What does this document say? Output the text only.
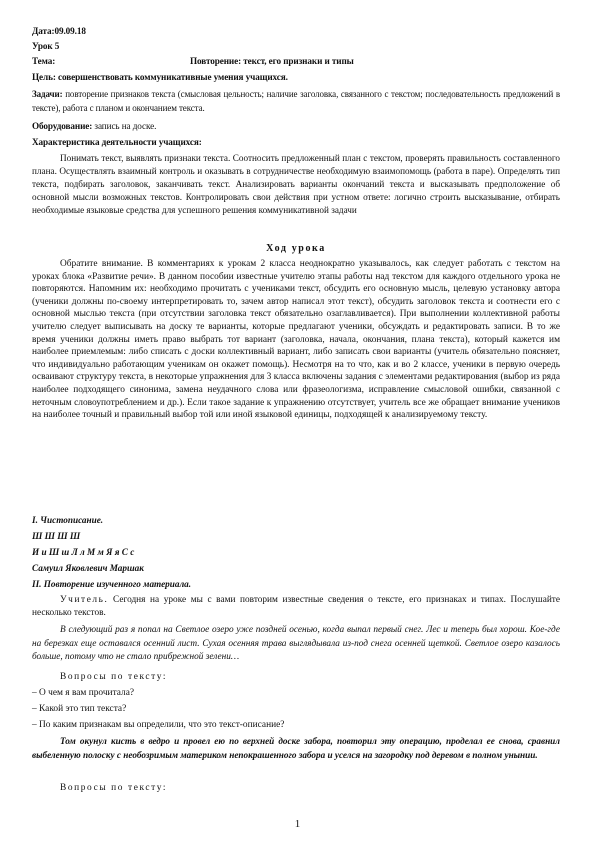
Дата:09.09.18
Урок 5
Тема:	Повторение: текст, его признаки и типы
Цель: совершенствовать коммуникативные умения учащихся.
Задачи: повторение признаков текста (смысловая цельность; наличие заголовка, связанного с текстом; последовательность предложений в тексте), работа с планом и окончанием текста.
Оборудование: запись на доске.
Характеристика деятельности учащихся:
Понимать текст, выявлять признаки текста. Соотносить предложенный план с текстом, проверять правильность составленного плана. Осуществлять взаимный контроль и оказывать в сотрудничестве необходимую взаимопомощь (работа в паре). Определять тип текста, подбирать заголовок, заканчивать текст. Анализировать варианты окончаний текста и высказывать предположение об основной мысли возможных текстов. Контролировать свои действия при устном ответе: логично строить высказывание, отбирать необходимые языковые средства для успешного решения коммуникативной задачи
Ход урока
Обратите внимание. В комментариях к урокам 2 класса неоднократно указывалось, как следует работать с текстом на уроках блока «Развитие речи». В данном пособии известные учителю этапы работы над текстом для каждого отдельного урока не повторяются. Напомним их: необходимо прочитать с учениками текст, обсудить его основную мысль, целевую установку автора (ученики должны по-своему интерпретировать то, зачем автор написал этот текст), обсудить заголовок текста и соотнести его с основной мыслью текста (при отсутствии заголовка текст обязательно озаглавливается). При выполнении коллективной работы учителю следует выписывать на доску те варианты, которые предлагают ученики, обсуждать и редактировать записи. В то же время ученики должны иметь право выбрать тот вариант (заголовка, начала, окончания, плана текста), который кажется им наиболее приемлемым: либо списать с доски коллективный вариант, либо записать свои варианты (учитель обязательно поясняет, что индивидуально работающим ученикам он окажет помощь). Несмотря на то что, как и во 2 классе, ученики в первую очередь осваивают структуру текста, в некоторые упражнения для 3 класса включены задания с элементами редактирования (выбор из ряда наиболее подходящего синонима, замена неудачного слова или фразеологизма, исправление смысловой ошибки, связанной с неточным словоупотреблением и др.). Если такое задание к упражнению отсутствует, учитель все же обращает внимание учеников на наиболее точный и правильный выбор той или иной языковой единицы, подходящей к анализируемому тексту.
I. Чистописание.
Ш Ш Ш Ш
И и Ш ш Л л М м Я я С с
Самуил Яковлевич Маршак
II. Повторение изученного материала.
Учитель. Сегодня на уроке мы с вами повторим известные сведения о тексте, его признаках и типах. Послушайте несколько текстов.
В следующий раз я попал на Светлое озеро уже поздней осенью, когда выпал первый снег. Лес и теперь был хорош. Кое-где на березках еще оставался осенний лист. Сухая осенняя трава выглядывала из-под снега осенней щеткой. Светлое озеро казалось больше, потому что не стало прибрежной зелени…
Вопросы по тексту:
– О чем я вам прочитала?
– Какой это тип текста?
– По каким признакам вы определили, что это текст-описание?
Том окунул кисть в ведро и провел ею по верхней доске забора, повторил эту операцию, проделал ее снова, сравнил выбеленную полоску с необозримым материком непокрашенного забора и уселся на загородку под деревом в полном унынии.
Вопросы по тексту:
1
